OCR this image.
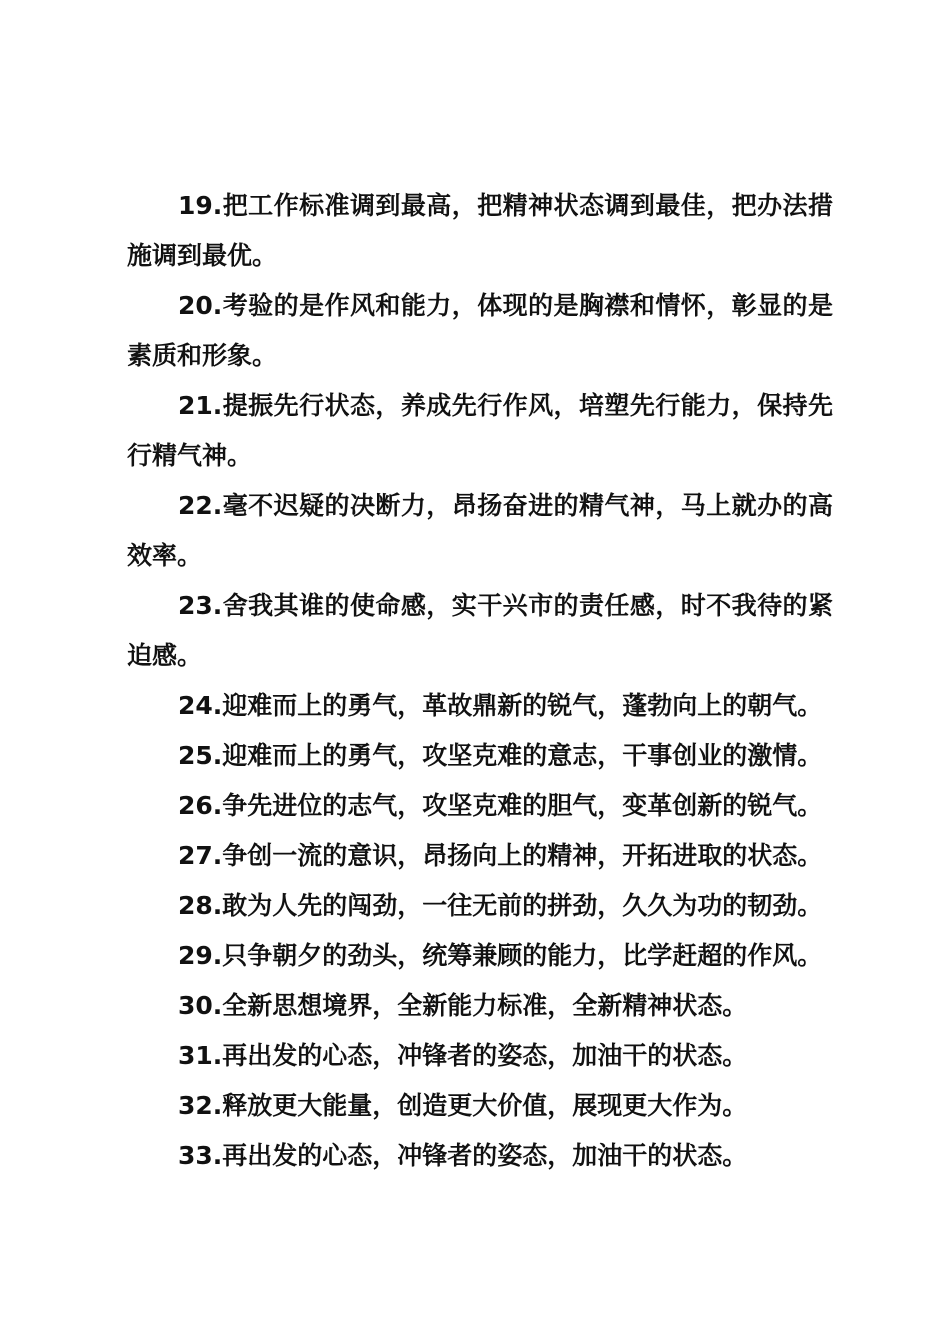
19.把工作标准调到最高，把精神状态调到最佳，把办法措施调到最优。

20.考验的是作风和能力，体现的是胸襟和情怀，彰显的是素质和形象。

21.提振先行状态，养成先行作风，培塑先行能力，保持先行精气神。

22.毫不迟疑的决断力，昂扬奋进的精气神，马上就办的高效率。

23.舍我其谁的使命感，实干兴市的责任感，时不我待的紧迫感。

24.迎难而上的勇气，革故鼎新的锐气，蓬勃向上的朝气。

25.迎难而上的勇气，攻坚克难的意志，干事创业的激情。

26.争先进位的志气，攻坚克难的胆气，变革创新的锐气。

27.争创一流的意识，昂扬向上的精神，开拓进取的状态。

28.敢为人先的闯劲，一往无前的拼劲，久久为功的韧劲。

29.只争朝夕的劲头，统筹兼顾的能力，比学赶超的作风。

30.全新思想境界，全新能力标准，全新精神状态。

31.再出发的心态，冲锋者的姿态，加油干的状态。

32.释放更大能量，创造更大价值，展现更大作为。

33.再出发的心态，冲锋者的姿态，加油干的状态。
